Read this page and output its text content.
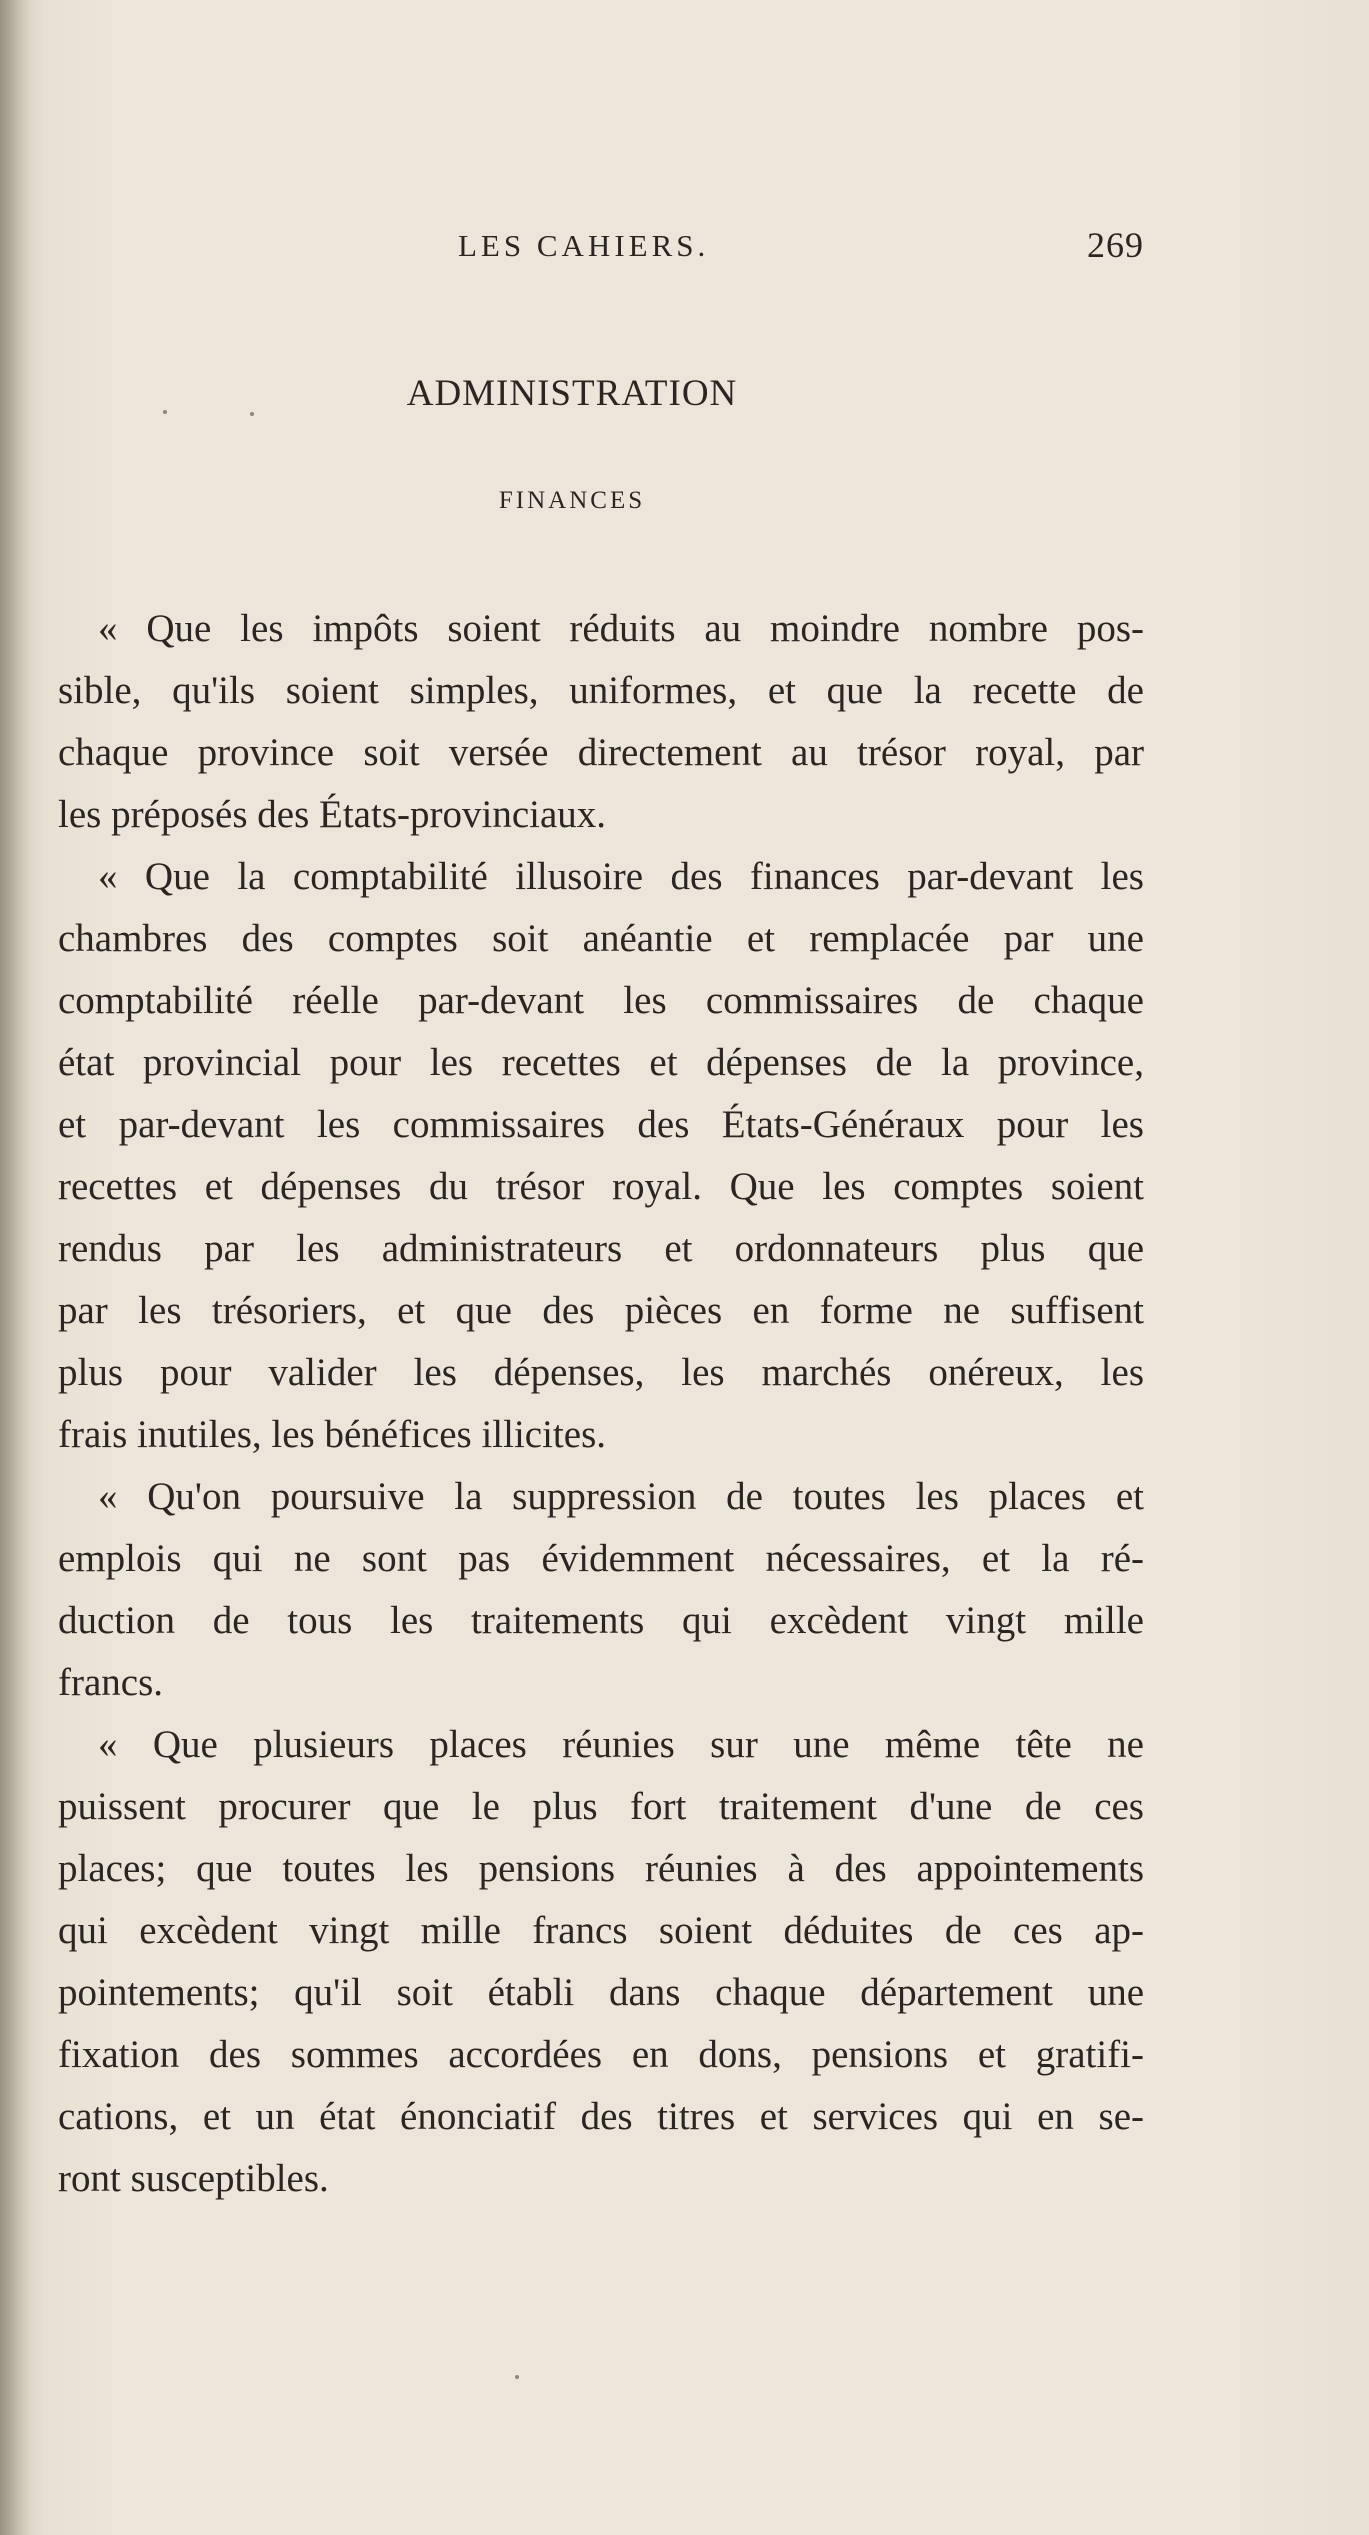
LES CAHIERS.	269
ADMINISTRATION
FINANCES
« Que les impôts soient réduits au moindre nombre pos-
sible, qu'ils soient simples, uniformes, et que la recette de
chaque province soit versée directement au trésor royal, par
les préposés des États-provinciaux.
« Que la comptabilité illusoire des finances par-devant les
chambres des comptes soit anéantie et remplacée par une
comptabilité réelle par-devant les commissaires de chaque
état provincial pour les recettes et dépenses de la province,
et par-devant les commissaires des États-Généraux pour les
recettes et dépenses du trésor royal. Que les comptes soient
rendus par les administrateurs et ordonnateurs plus que
par les trésoriers, et que des pièces en forme ne suffisent
plus pour valider les dépenses, les marchés onéreux, les
frais inutiles, les bénéfices illicites.
« Qu'on poursuive la suppression de toutes les places et
emplois qui ne sont pas évidemment nécessaires, et la ré-
duction de tous les traitements qui excèdent vingt mille
francs.
« Que plusieurs places réunies sur une même tête ne
puissent procurer que le plus fort traitement d'une de ces
places; que toutes les pensions réunies à des appointements
qui excèdent vingt mille francs soient déduites de ces ap-
pointements; qu'il soit établi dans chaque département une
fixation des sommes accordées en dons, pensions et gratifi-
cations, et un état énonciatif des titres et services qui en se-
ront susceptibles.
